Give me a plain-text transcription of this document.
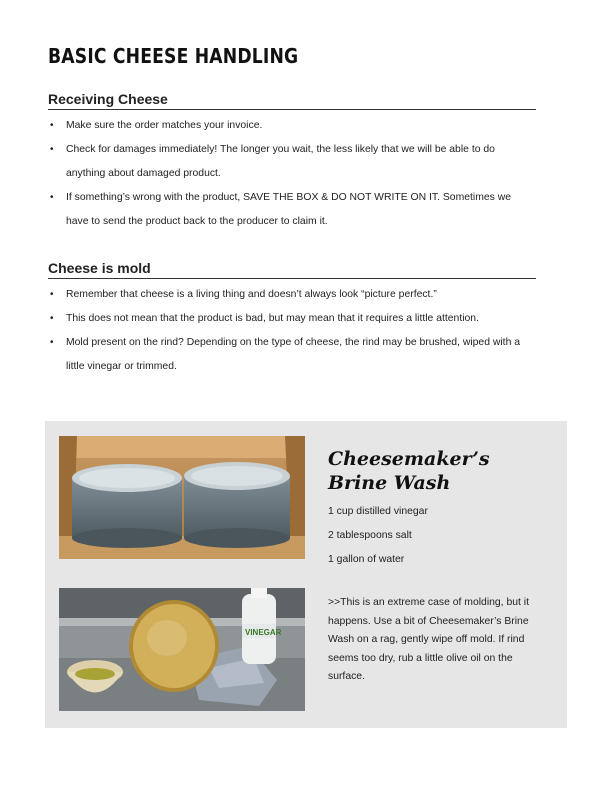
BASIC CHEESE HANDLING
Receiving Cheese
• Make sure the order matches your invoice.
• Check for damages immediately! The longer you wait, the less likely that we will be able to do anything about damaged product.
• If something’s wrong with the product, SAVE THE BOX & DO NOT WRITE ON IT. Sometimes we have to send the product back to the producer to claim it.
Cheese is mold
• Remember that cheese is a living thing and doesn’t always look “picture perfect.”
• This does not mean that the product is bad, but may mean that it requires a little attention.
• Mold present on the rind? Depending on the type of cheese, the rind may be brushed, wiped with a little vinegar or trimmed.
VINEGAR
Cheesemaker’s Brine Wash
1 cup distilled vinegar
2 tablespoons salt
1 gallon of water
>>This is an extreme case of molding, but it happens. Use a bit of Cheesemaker’s Brine Wash on a rag, gently wipe off mold. If rind seems too dry, rub a little olive oil on the surface.
